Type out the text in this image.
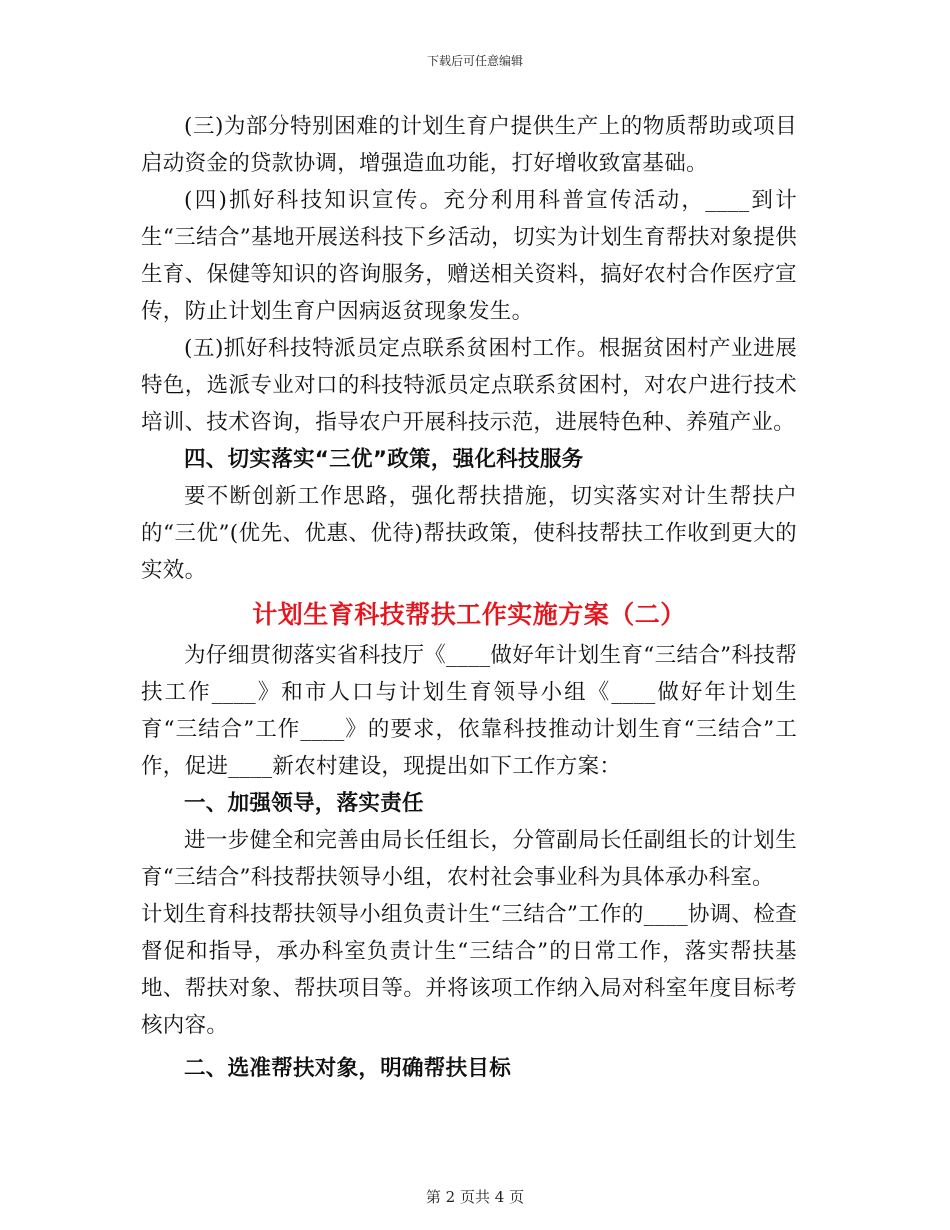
下载后可任意编辑

(三)为部分特别困难的计划生育户提供生产上的物质帮助或项目启动资金的贷款协调，增强造血功能，打好增收致富基础。

(四)抓好科技知识宣传。充分利用科普宣传活动，____到计生“三结合”基地开展送科技下乡活动，切实为计划生育帮扶对象提供生育、保健等知识的咨询服务，赠送相关资料，搞好农村合作医疗宣传，防止计划生育户因病返贫现象发生。

(五)抓好科技特派员定点联系贫困村工作。根据贫困村产业进展特色，选派专业对口的科技特派员定点联系贫困村，对农户进行技术培训、技术咨询，指导农户开展科技示范，进展特色种、养殖产业。

四、切实落实“三优”政策，强化科技服务

要不断创新工作思路，强化帮扶措施，切实落实对计生帮扶户的“三优”(优先、优惠、优待)帮扶政策，使科技帮扶工作收到更大的实效。

计划生育科技帮扶工作实施方案（二）

为仔细贯彻落实省科技厅《____做好年计划生育“三结合”科技帮扶工作____》和市人口与计划生育领导小组《____做好年计划生育“三结合”工作____》的要求，依靠科技推动计划生育“三结合”工作，促进____新农村建设，现提出如下工作方案：

一、加强领导，落实责任

进一步健全和完善由局长任组长，分管副局长任副组长的计划生育“三结合”科技帮扶领导小组，农村社会事业科为具体承办科室。

计划生育科技帮扶领导小组负责计生“三结合”工作的____协调、检查督促和指导，承办科室负责计生“三结合”的日常工作，落实帮扶基地、帮扶对象、帮扶项目等。并将该项工作纳入局对科室年度目标考核内容。

二、选准帮扶对象，明确帮扶目标

第 2 页共 4 页
